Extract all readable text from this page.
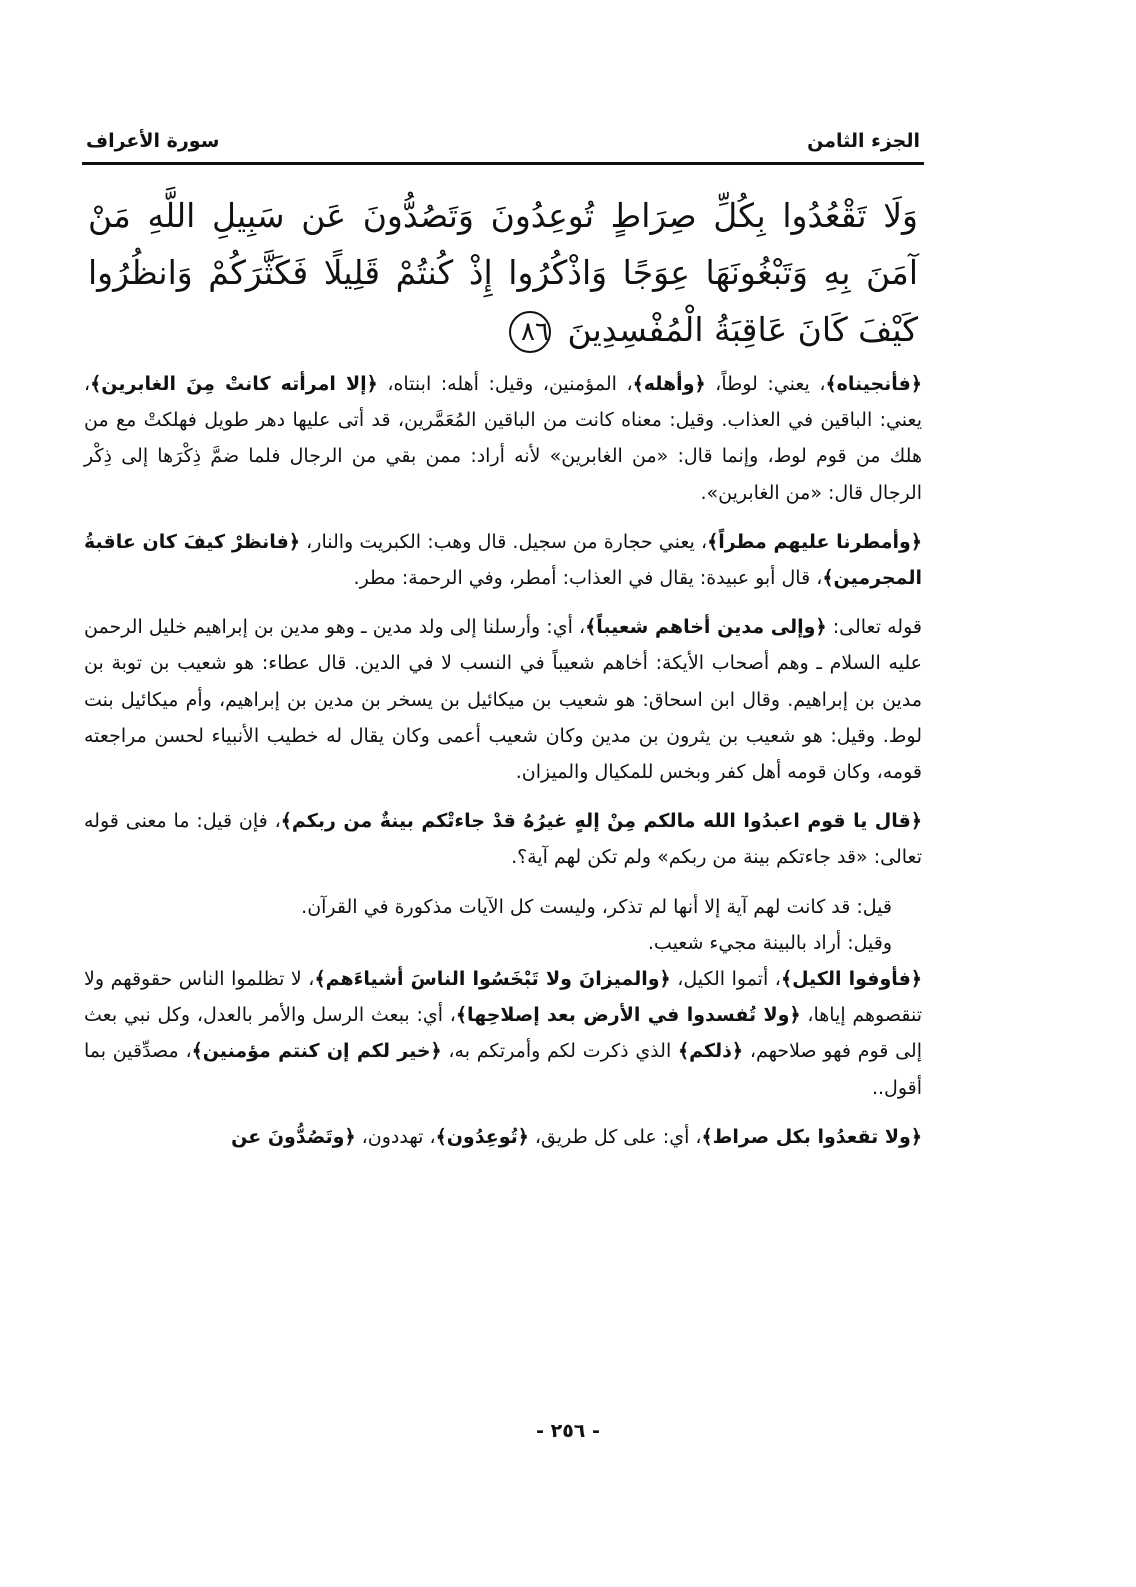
الجزء الثامن
سورة الأعراف
وَلَا تَقْعُدُوا بِكُلِّ صِرَاطٍ تُوعِدُونَ وَتَصُدُّونَ عَن سَبِيلِ اللَّهِ مَنْ آمَنَ بِهِ وَتَبْغُونَهَا عِوَجًا وَاذْكُرُوا إِذْ كُنتُمْ قَلِيلًا فَكَثَّرَكُمْ وَانظُرُوا كَيْفَ كَانَ عَاقِبَةُ الْمُفْسِدِينَ ٨٦

﴿فأنجيناه﴾، يعني: لوطاً، ﴿وأهله﴾، المؤمنين، وقيل: أهله: ابنتاه، ﴿إلا امرأته كانتْ مِنَ الغابرين﴾، يعني: الباقين في العذاب. وقيل: معناه كانت من الباقين المُعَمَّرين، قد أتى عليها دهر طويل فهلكتْ مع من هلك من قوم لوط، وإنما قال: «من الغابرين» لأنه أراد: ممن بقي من الرجال فلما ضمَّ ذِكْرَها إلى ذِكْر الرجال قال: «من الغابرين».

﴿وأمطرنا عليهم مطراً﴾، يعني حجارة من سجيل. قال وهب: الكبريت والنار، ﴿فانظرْ كيفَ كان عاقبةُ المجرمين﴾، قال أبو عبيدة: يقال في العذاب: أمطر، وفي الرحمة: مطر.

قوله تعالى: ﴿وإلى مدين أخاهم شعيباً﴾، أي: وأرسلنا إلى ولد مدين ـ وهو مدين بن إبراهيم خليل الرحمن عليه السلام ـ وهم أصحاب الأيكة: أخاهم شعيباً في النسب لا في الدين. قال عطاء: هو شعيب بن توبة بن مدين بن إبراهيم. وقال ابن اسحاق: هو شعيب بن ميكائيل بن يسخر بن مدين بن إبراهيم، وأم ميكائيل بنت لوط. وقيل: هو شعيب بن يثرون بن مدين وكان شعيب أعمى وكان يقال له خطيب الأنبياء لحسن مراجعته قومه، وكان قومه أهل كفر وبخس للمكيال والميزان.

﴿قال يا قوم اعبدُوا الله مالكم مِنْ إلهٍ غيرُهُ قدْ جاءتْكم بينةٌ من ربكم﴾، فإن قيل: ما معنى قوله تعالى: «قد جاءتكم بينة من ربكم» ولم تكن لهم آية؟.

قيل: قد كانت لهم آية إلا أنها لم تذكر، وليست كل الآيات مذكورة في القرآن.

وقيل: أراد بالبينة مجيء شعيب.

﴿فأوفوا الكيل﴾، أتموا الكيل، ﴿والميزانَ ولا تَبْخَسُوا الناسَ أشياءَهم﴾، لا تظلموا الناس حقوقهم ولا تنقصوهم إياها، ﴿ولا تُفسدوا في الأرض بعد إصلاحِها﴾، أي: ببعث الرسل والأمر بالعدل، وكل نبي بعث إلى قوم فهو صلاحهم، ﴿ذلكم﴾ الذي ذكرت لكم وأمرتكم به، ﴿خير لكم إن كنتم مؤمنين﴾، مصدِّقين بما أقول..

﴿ولا تقعدُوا بكل صراط﴾، أي: على كل طريق، ﴿تُوعِدُون﴾، تهددون، ﴿وتَصُدُّونَ عن

- ٢٥٦ -
